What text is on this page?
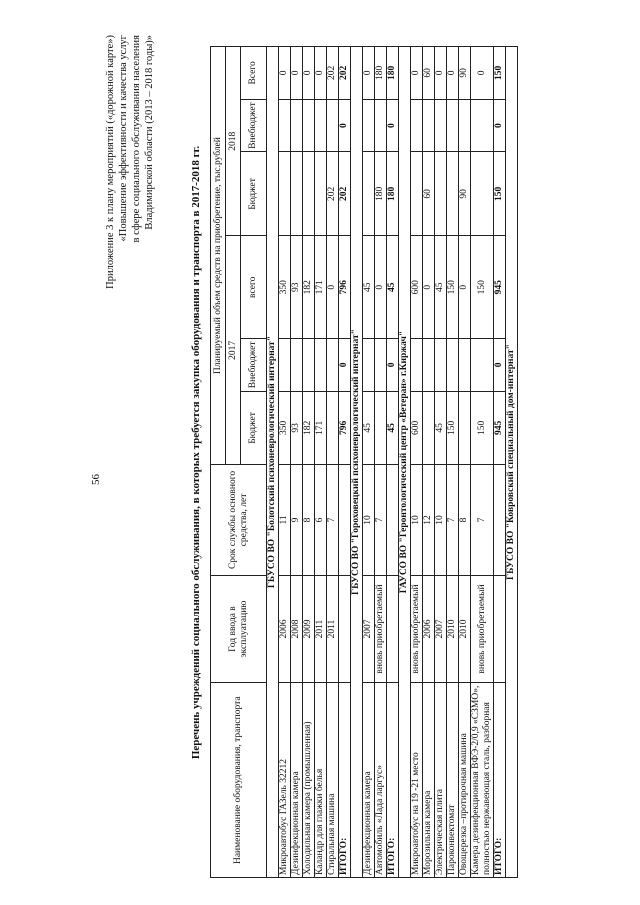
56
Приложение 3 к плану мероприятий («дорожной карте») «Повышение эффективности и качества услуг в сфере социального обслуживания населения Владимирской области (2013 – 2018 годы)»
Перечень учреждений социального обслуживания, в которых требуется закупка оборудования и транспорта в 2017-2018 гг.
Наименование оборудования, транспорта	Год ввода в эксплуатацию	Срок службы основного средства, лет	Планируемый объем средств на приобретение, тыс.рублей					
			2017			2018		
			Бюджет	Внебюджет	всего	Бюджет	Внебюджет	Всего
ГБУСО ВО "Болотский психоневрологический интернат"								
Микроавтобус ГАЗель 32212	2006	11	350		350			0
Дезинфекционная камера	2008	9	93		93			0
Холодильная камера (промышленная)	2009	8	182		182			0
Каландр для глажки белья	2011	6	171		171			0
Стиральная машина	2011	7			0	202		202
ИТОГО:			796	0	796	202	0	202
ГБУСО ВО "Гороховецкий психоневрологический интернат"								
Дезинфекционная камера	2007	10	45		45			0
Автомобиль «Лада ларгус»	вновь приобретаемый	7			0	180		180
ИТОГО:			45	0	45	180	0	180
ГАУСО ВО "Геронтологический центр «Ветеран» г.Киржач"								
Микроавтобус на 19 -21 место	вновь приобретаемый	10	600		600			0
Морозильная камера	2006	12			0	60		60
Электрическая плита	2007	10	45		45			0
Пароконвектомат	2010	7	150		150			0
Овощерезка –протирочная машина	2010	8			0	90		90
Камера дезинфекционная ВФЭ-2/0,9 «СЗМО», полностью нержавеющая сталь, разборная	вновь приобретаемый	7	150		150			0
ИТОГО:			945	0	945	150	0	150
ГБУСО ВО "Ковровский специальный дом-интернат"								
